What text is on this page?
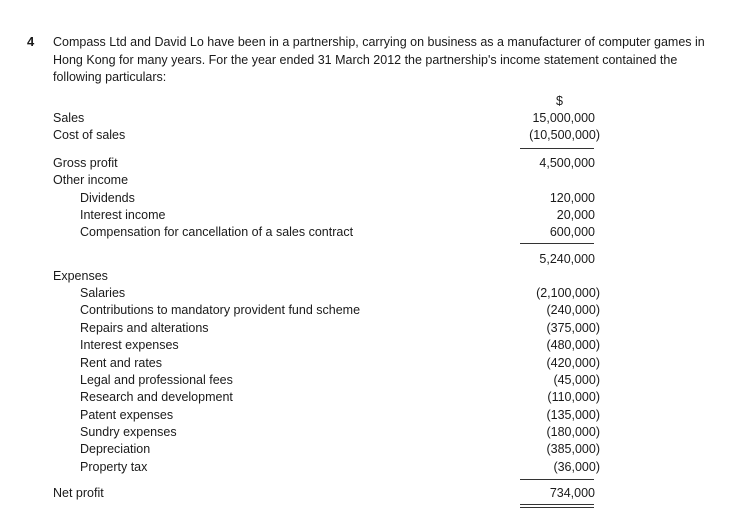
4 Compass Ltd and David Lo have been in a partnership, carrying on business as a manufacturer of computer games in Hong Kong for many years. For the year ended 31 March 2012 the partnership's income statement contained the following particulars:

$
Sales	15,000,000
Cost of sales	(10,500,000)
Gross profit	4,500,000
Other income
Dividends	120,000
Interest income	20,000
Compensation for cancellation of a sales contract	600,000
5,240,000
Expenses
Salaries	(2,100,000)
Contributions to mandatory provident fund scheme	(240,000)
Repairs and alterations	(375,000)
Interest expenses	(480,000)
Rent and rates	(420,000)
Legal and professional fees	(45,000)
Research and development	(110,000)
Patent expenses	(135,000)
Sundry expenses	(180,000)
Depreciation	(385,000)
Property tax	(36,000)
Net profit	734,000
